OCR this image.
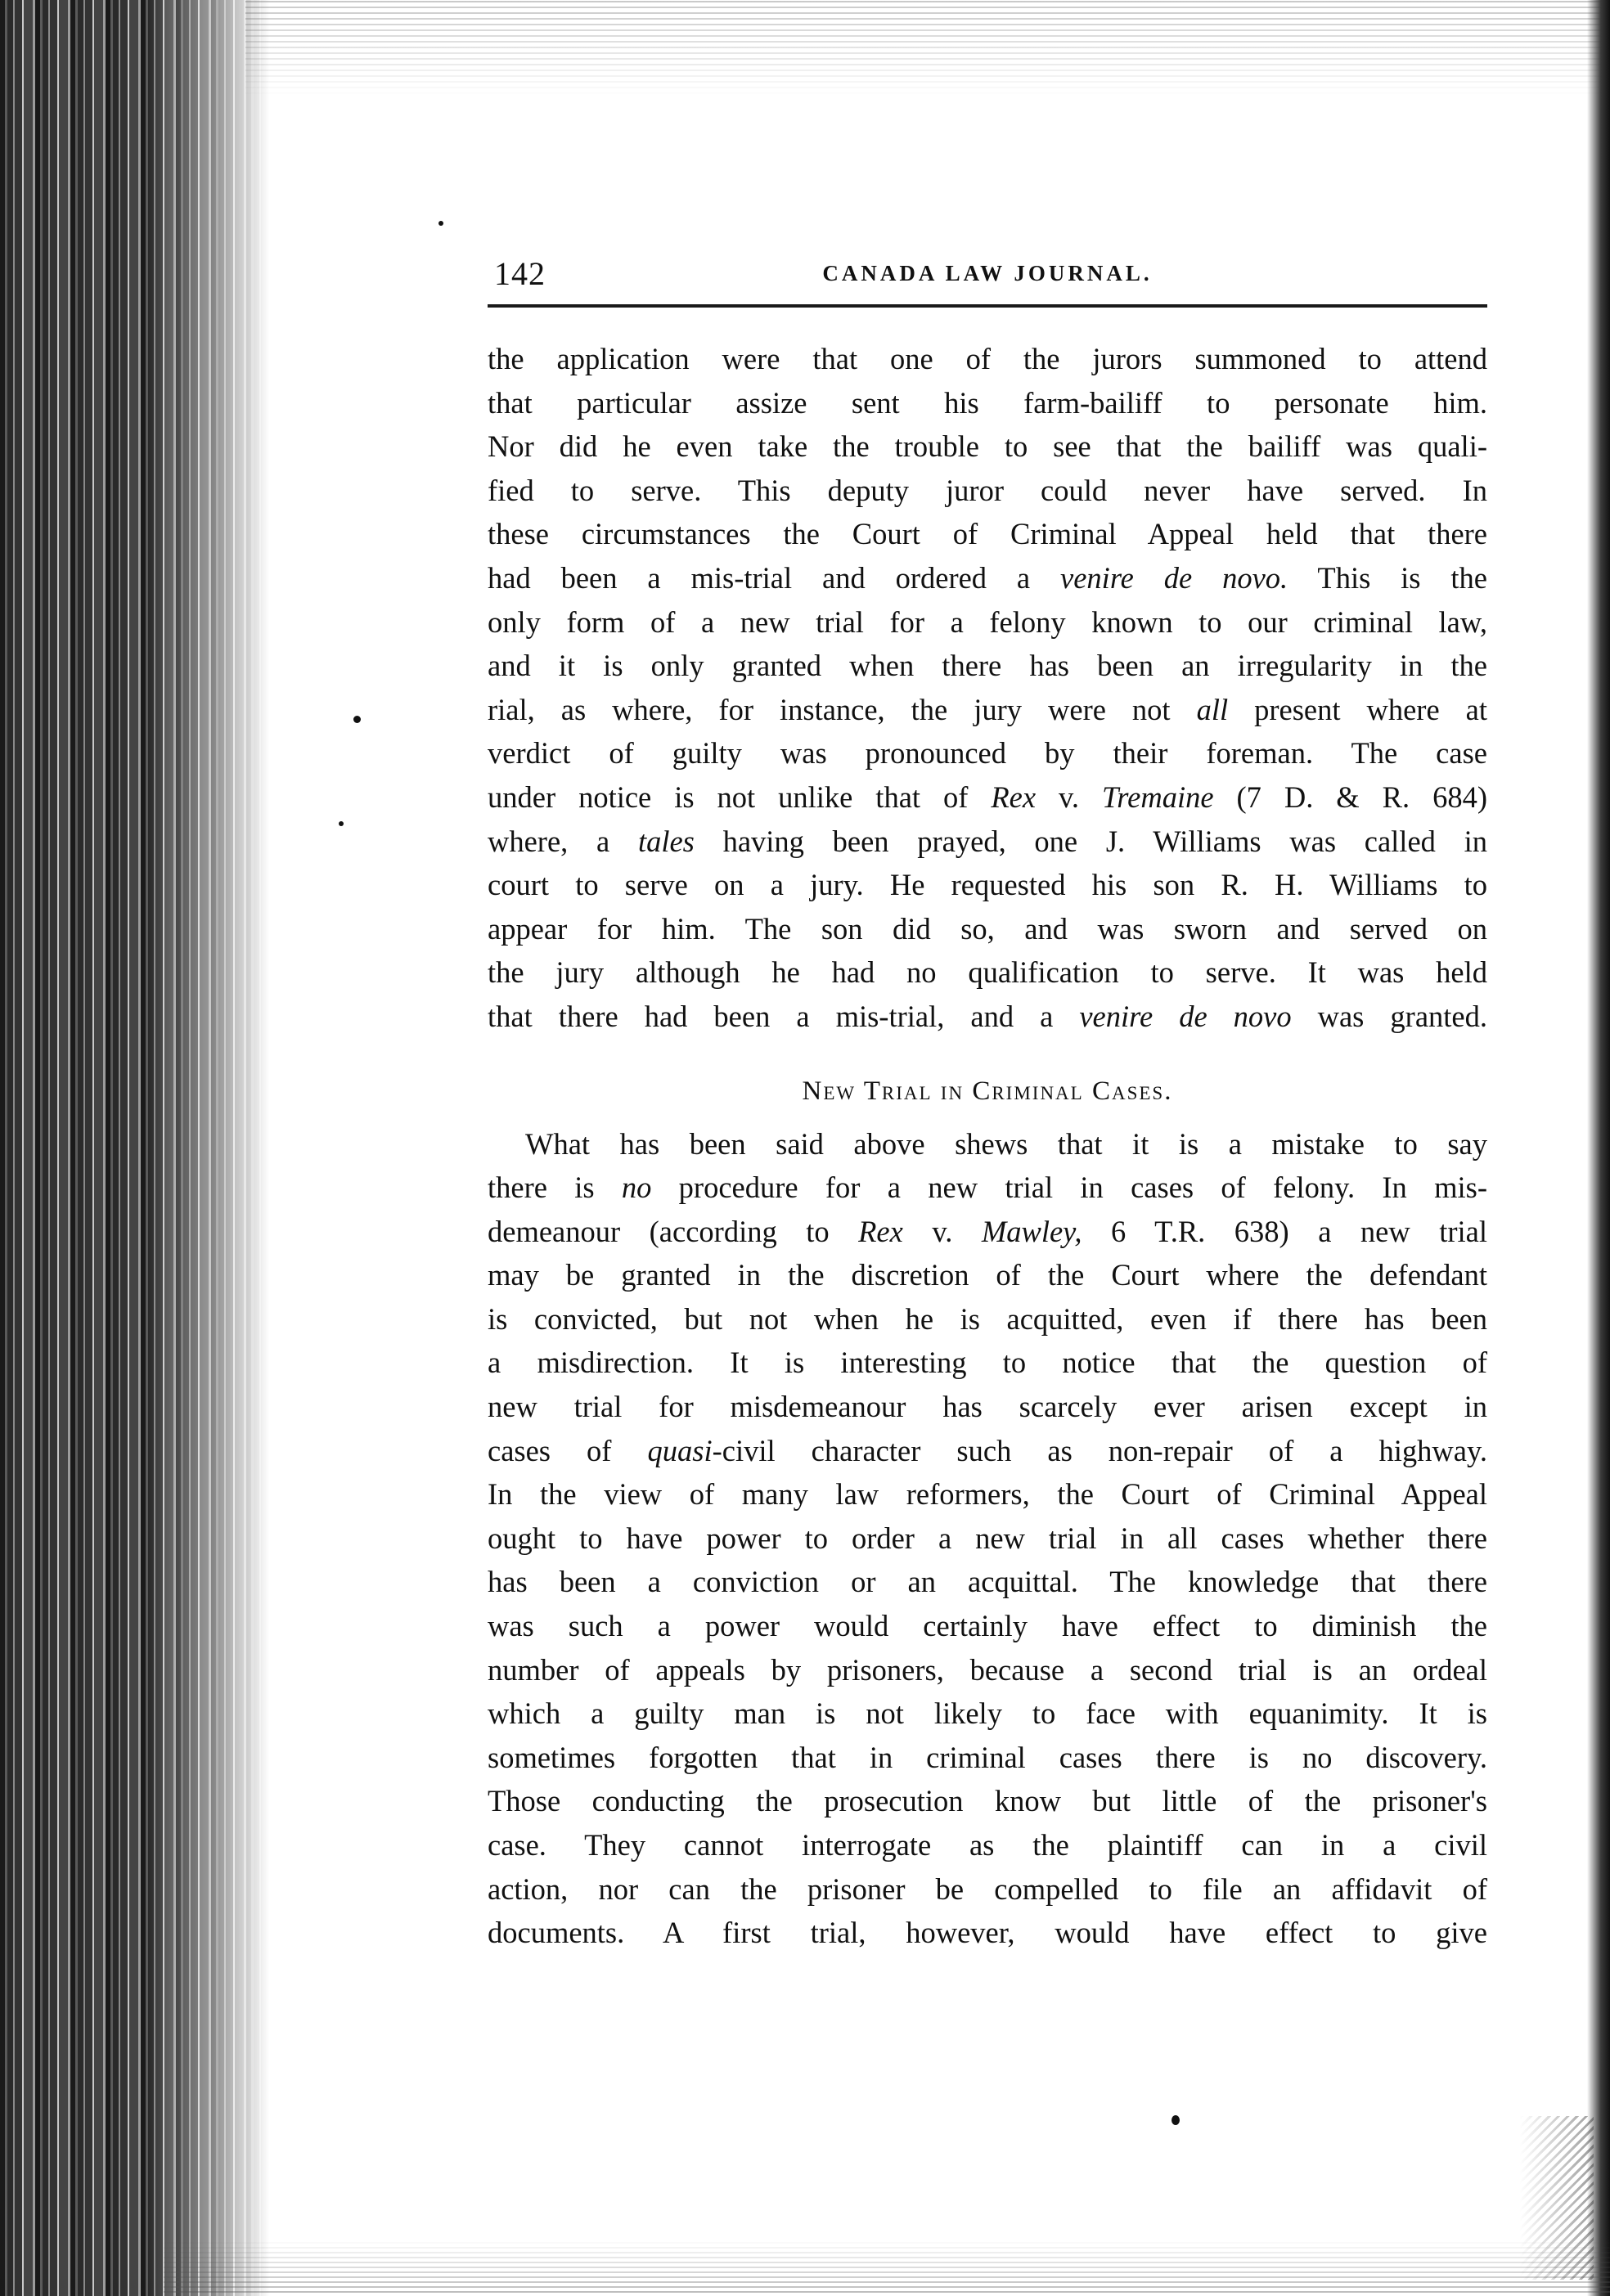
142	CANADA LAW JOURNAL.

the application were that one of the jurors summoned to attend
that particular assize sent his farm-bailiff to personate him.
Nor did he even take the trouble to see that the bailiff was quali-
fied to serve. This deputy juror could never have served. In
these circumstances the Court of Criminal Appeal held that there
had been a mis-trial and ordered a venire de novo. This is the
only form of a new trial for a felony known to our criminal law,
and it is only granted when there has been an irregularity in the
rial, as where, for instance, the jury were not all present where at
verdict of guilty was pronounced by their foreman. The case
under notice is not unlike that of Rex v. Tremaine (7 D. & R. 684)
where, a tales having been prayed, one J. Williams was called in
court to serve on a jury. He requested his son R. H. Williams to
appear for him. The son did so, and was sworn and served on
the jury although he had no qualification to serve. It was held
that there had been a mis-trial, and a venire de novo was granted.

New Trial in Criminal Cases.

What has been said above shews that it is a mistake to say
there is no procedure for a new trial in cases of felony. In mis-
demeanour (according to Rex v. Mawley, 6 T.R. 638) a new trial
may be granted in the discretion of the Court where the defendant
is convicted, but not when he is acquitted, even if there has been
a misdirection. It is interesting to notice that the question of
new trial for misdemeanour has scarcely ever arisen except in
cases of quasi-civil character such as non-repair of a highway.
In the view of many law reformers, the Court of Criminal Appeal
ought to have power to order a new trial in all cases whether there
has been a conviction or an acquittal. The knowledge that there
was such a power would certainly have effect to diminish the
number of appeals by prisoners, because a second trial is an ordeal
which a guilty man is not likely to face with equanimity. It is
sometimes forgotten that in criminal cases there is no discovery.
Those conducting the prosecution know but little of the prisoner's
case. They cannot interrogate as the plaintiff can in a civil
action, nor can the prisoner be compelled to file an affidavit of
documents. A first trial, however, would have effect to give
